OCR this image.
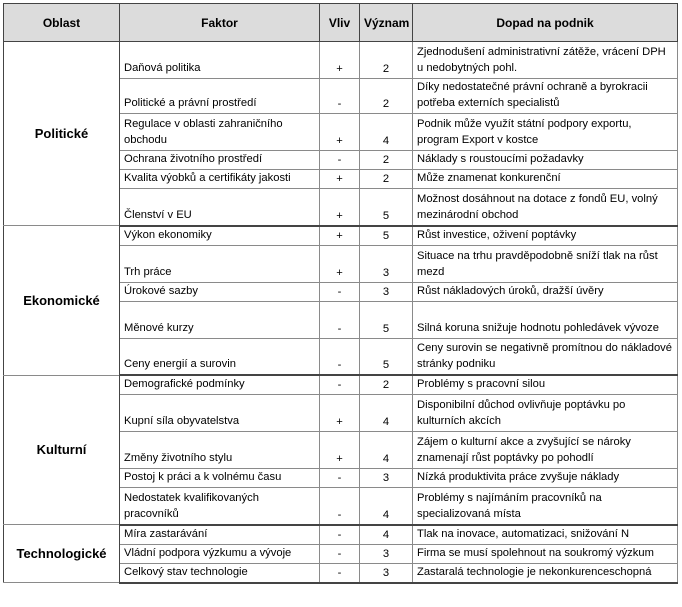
Oblast	Faktor	Vliv	Význam	Dopad na podnik
Politické	Daňová politika	+	2	Zjednodušení administrativní zátěže, vrácení DPH u nedobytných pohl.
	Politické a právní prostředí	-	2	Díky nedostatečné právní ochraně a byrokracii potřeba externích specialistů
	Regulace v oblasti zahraničního obchodu	+	4	Podnik může využít státní podpory exportu, program Export v kostce
	Ochrana životního prostředí	-	2	Náklady s roustoucími požadavky
	Kvalita výobků a certifikáty jakosti	+	2	Může znamenat konkurenční
	Členství v EU	+	5	Možnost dosáhnout na dotace z fondů EU, volný mezinárodní obchod
Ekonomické	Výkon ekonomiky	+	5	Růst investice, oživení poptávky
	Trh práce	+	3	Situace na trhu pravděpodobně sníží tlak na růst mezd
	Úrokové sazby	-	3	Růst nákladových úroků, dražší úvěry
	Měnové kurzy	-	5	Silná koruna snižuje hodnotu pohledávek vývoze
	Ceny energií a surovin	-	5	Ceny surovin se negativně promítnou do nákladové stránky podniku
Kulturní	Demografické podmínky	-	2	Problémy s pracovní silou
	Kupní síla obyvatelstva	+	4	Disponibilní důchod ovlivňuje poptávku po kulturních akcích
	Změny životního stylu	+	4	Zájem o kulturní akce a zvyšující se nároky znamenají růst poptávky po pohodlí
	Postoj k práci a k volnému času	-	3	Nízká produktivita práce zvyšuje náklady
	Nedostatek kvalifikovaných pracovníků	-	4	Problémy s najímáním pracovníků na specializovaná místa
Technologické	Míra zastarávání	-	4	Tlak na inovace, automatizaci, snižování N
	Vládní podpora výzkumu a vývoje	-	3	Firma se musí spolehnout na soukromý výzkum
	Celkový stav technologie	-	3	Zastaralá technologie je nekonkurenceschopná
